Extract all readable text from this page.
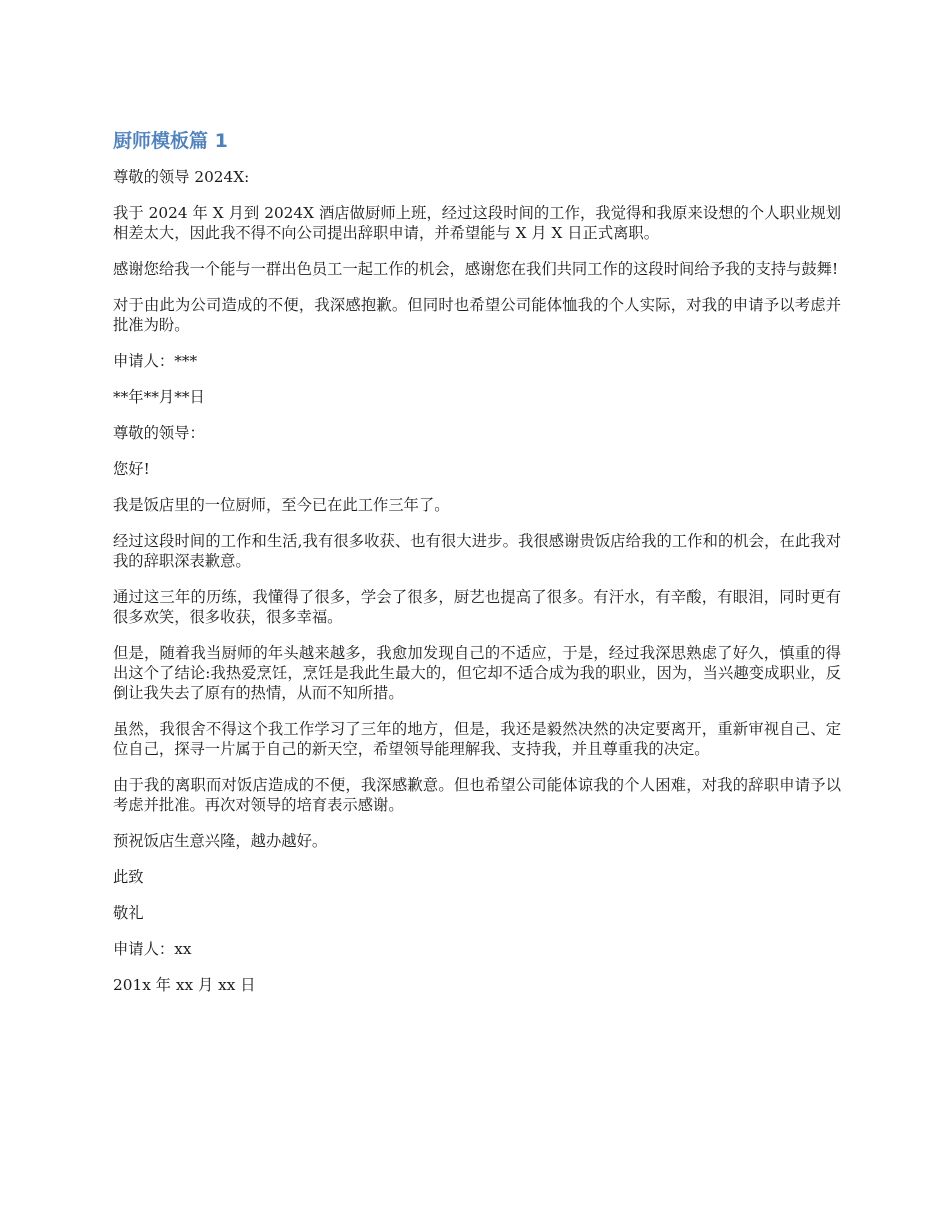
厨师模板篇 1

尊敬的领导 2024X:

我于 2024 年 X 月到 2024X 酒店做厨师上班，经过这段时间的工作，我觉得和我原来设想的个人职业规划相差太大，因此我不得不向公司提出辞职申请，并希望能与 X 月 X 日正式离职。

感谢您给我一个能与一群出色员工一起工作的机会，感谢您在我们共同工作的这段时间给予我的支持与鼓舞!

对于由此为公司造成的不便，我深感抱歉。但同时也希望公司能体恤我的个人实际，对我的申请予以考虑并批准为盼。

申请人：***

**年**月**日

尊敬的领导：

您好!

我是饭店里的一位厨师，至今已在此工作三年了。

经过这段时间的工作和生活,我有很多收获、也有很大进步。我很感谢贵饭店给我的工作和的机会，在此我对我的辞职深表歉意。

通过这三年的历练，我懂得了很多，学会了很多，厨艺也提高了很多。有汗水，有辛酸，有眼泪，同时更有很多欢笑，很多收获，很多幸福。

但是，随着我当厨师的年头越来越多，我愈加发现自己的不适应，于是，经过我深思熟虑了好久，慎重的得出这个了结论:我热爱烹饪，烹饪是我此生最大的，但它却不适合成为我的职业，因为，当兴趣变成职业，反倒让我失去了原有的热情，从而不知所措。

虽然，我很舍不得这个我工作学习了三年的地方，但是，我还是毅然决然的决定要离开，重新审视自己、定位自己，探寻一片属于自己的新天空，希望领导能理解我、支持我，并且尊重我的决定。

由于我的离职而对饭店造成的不便，我深感歉意。但也希望公司能体谅我的个人困难，对我的辞职申请予以考虑并批准。再次对领导的培育表示感谢。

预祝饭店生意兴隆，越办越好。

此致

敬礼

申请人：xx

201x 年 xx 月 xx 日
